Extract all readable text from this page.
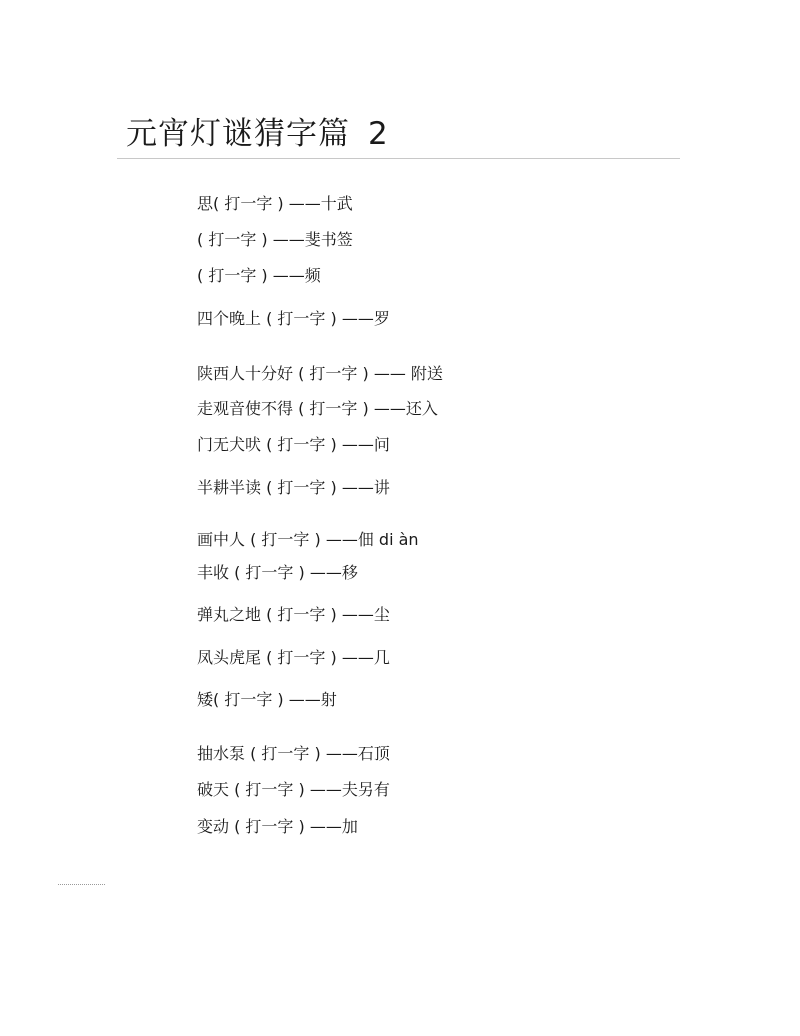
元宵灯谜猜字篇 2
思( 打一字 ) ——十武
( 打一字 ) ——斐书签
( 打一字 ) ——频
四个晚上 ( 打一字 ) ——罗
陕西人十分好 ( 打一字 ) —— 附送
走观音使不得 ( 打一字 ) ——还入
门无犬吠 ( 打一字 ) ——问
半耕半读 ( 打一字 ) ——讲
画中人 ( 打一字 ) ——佃 di àn
丰收 ( 打一字 ) ——移
弹丸之地 ( 打一字 ) ——尘
凤头虎尾 ( 打一字 ) ——几
矮( 打一字 ) ——射
抽水泵 ( 打一字 ) ——石顶
破天 ( 打一字 ) ——夫另有
变动 ( 打一字 ) ——加
